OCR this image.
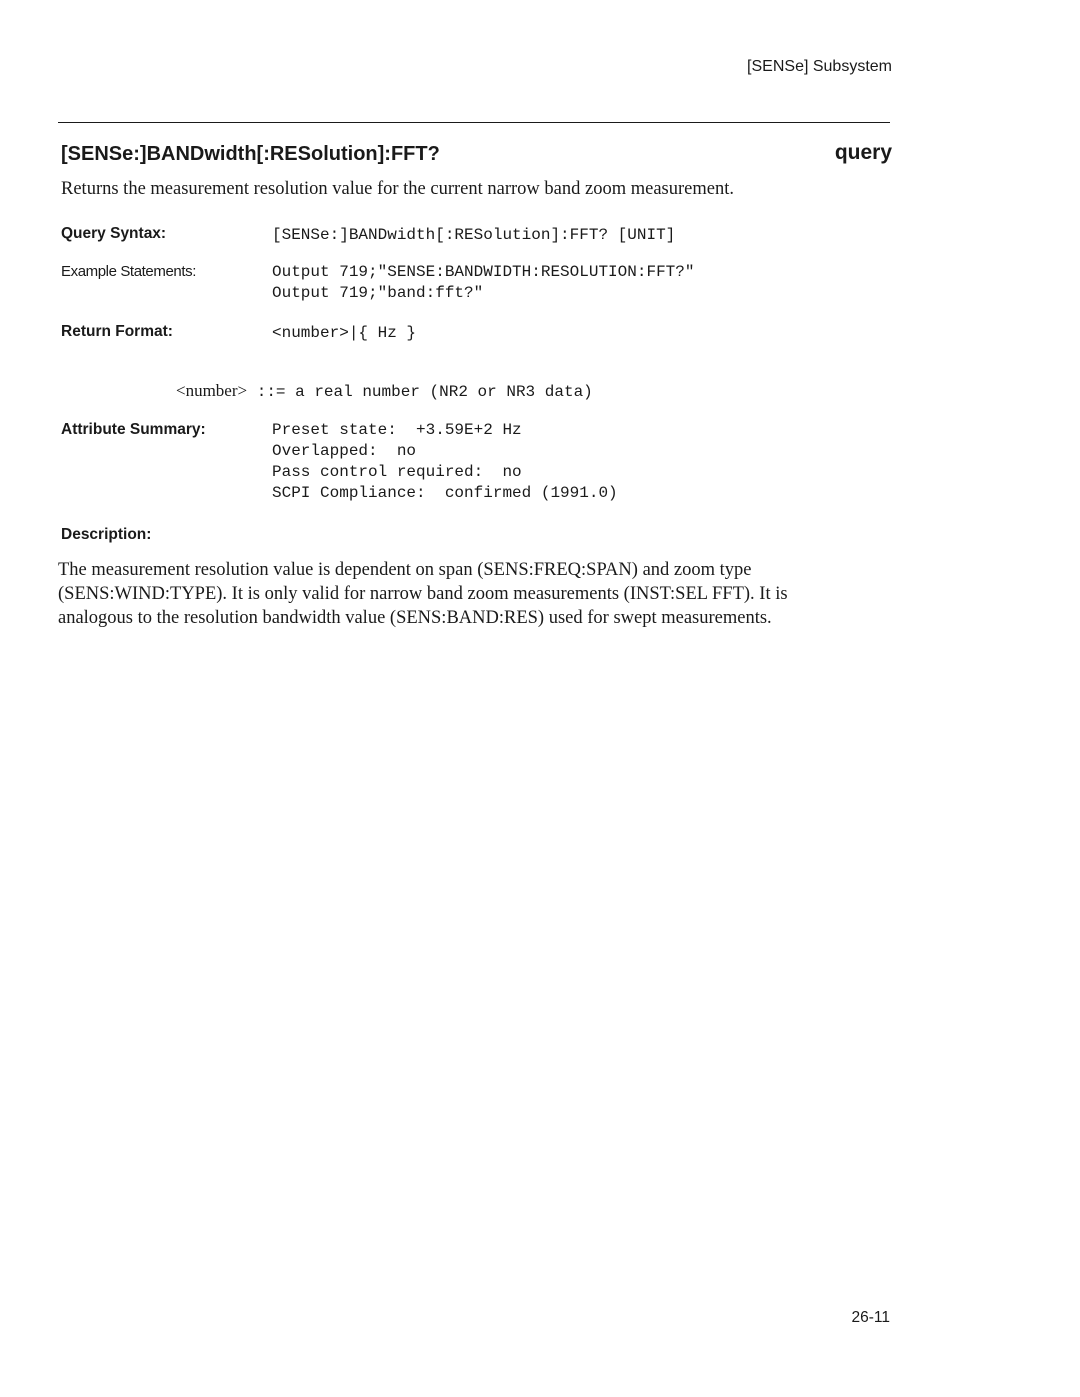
[SENSe] Subsystem
[SENSe:]BANDwidth[:RESolution]:FFT?	query
Returns the measurement resolution value for the current narrow band zoom measurement.
Query Syntax:	[SENSe:]BANDwidth[:RESolution]:FFT? [UNIT]
Example Statements:	Output 719;"SENSE:BANDWIDTH:RESOLUTION:FFT?"
Output 719;"band:fft?"
Return Format:	<number>|{ Hz }
<number> ::= a real number (NR2 or NR3 data)
Attribute Summary:	Preset state:  +3.59E+2 Hz
Overlapped:  no
Pass control required:  no
SCPI Compliance:  confirmed (1991.0)
Description:
The measurement resolution value is dependent on span (SENS:FREQ:SPAN) and zoom type
(SENS:WIND:TYPE). It is only valid for narrow band zoom measurements (INST:SEL FFT). It is
analogous to the resolution bandwidth value (SENS:BAND:RES) used for swept measurements.
26-11
